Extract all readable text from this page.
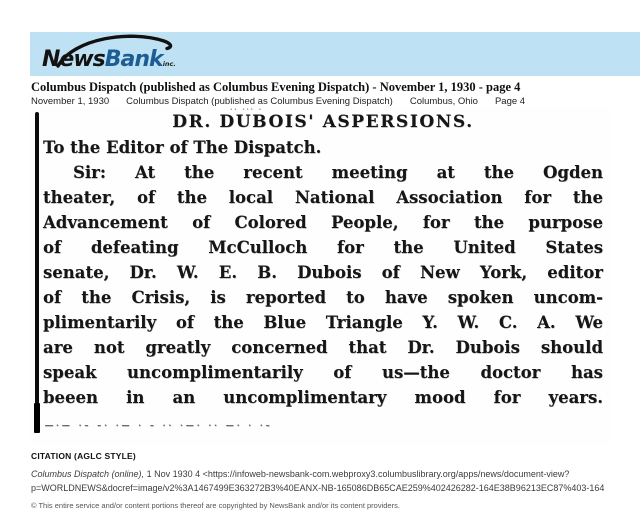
NewsBankinc.
Columbus Dispatch (published as Columbus Evening Dispatch) - November 1, 1930 - page 4
November 1, 1930 Columbus Dispatch (published as Columbus Evening Dispatch) Columbus, Ohio Page 4
·· ··· ·
DR. DUBOIS' ASPERSIONS.
To the Editor of The Dispatch.
Sir: At the recent meeting at the Ogden
theater, of the local National Association for the
Advancement of Colored People, for the purpose
of defeating McCulloch for the United States
senate, Dr. W. E. B. Dubois of New York, editor
of the Crisis, is reported to have spoken uncom-
plimentarily of the Blue Triangle Y. W. C. A. We
are not greatly concerned that Dr. Dubois should
speak uncomplimentarily of us—the doctor has
beeen in an uncomplimentary mood for years.
―·— ·– –· ·— · – ·· ·—· ·· —· · ·–
CITATION (AGLC STYLE)
Columbus Dispatch (online), 1 Nov 1930 4 <https://infoweb-newsbank-com.webproxy3.columbuslibrary.org/apps/news/document-view?
p=WORLDNEWS&docref=image/v2%3A1467499E363272B3%40EANX-NB-165086DB65CAE259%402426282-164E38B96213EC87%403-164
© This entire service and/or content portions thereof are copyrighted by NewsBank and/or its content providers.
